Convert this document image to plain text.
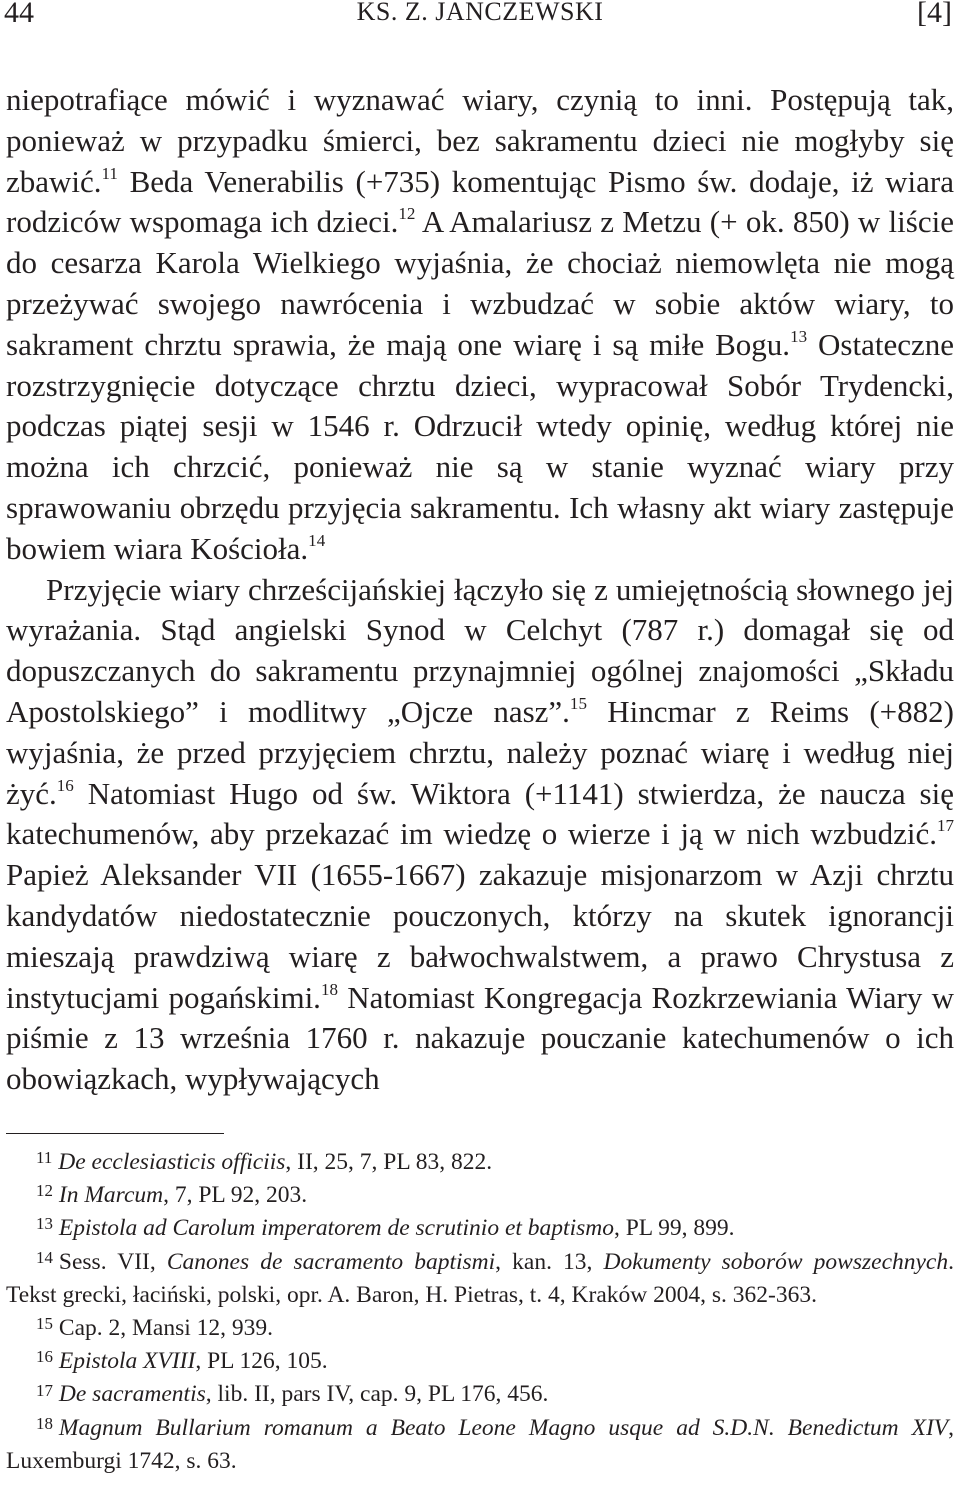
44	KS. Z. JANCZEWSKI	[4]

niepotrafiące mówić i wyznawać wiary, czynią to inni. Postępują tak, ponieważ w przypadku śmierci, bez sakramentu dzieci nie mogłyby się zbawić.$^{11}$ Beda Venerabilis (+735) komentując Pismo św. dodaje, iż wiara rodziców wspomaga ich dzieci.$^{12}$ A Amalariusz z Metzu (+ ok. 850) w liście do cesarza Karola Wielkiego wyjaśnia, że chociaż niemowlęta nie mogą przeżywać swojego nawrócenia i wzbudzać w sobie aktów wiary, to sakrament chrztu sprawia, że mają one wiarę i są miłe Bogu.$^{13}$ Ostateczne rozstrzygnięcie dotyczące chrztu dzieci, wypracował Sobór Trydencki, podczas piątej sesji w 1546 r. Odrzucił wtedy opinię, według której nie można ich chrzcić, ponieważ nie są w stanie wyznać wiary przy sprawowaniu obrzędu przyjęcia sakramentu. Ich własny akt wiary zastępuje bowiem wiara Kościoła.$^{14}$

Przyjęcie wiary chrześcijańskiej łączyło się z umiejętnością słownego jej wyrażania. Stąd angielski Synod w Celchyt (787 r.) domagał się od dopuszczanych do sakramentu przynajmniej ogólnej znajomości „Składu Apostolskiego” i modlitwy „Ojcze nasz”.$^{15}$ Hincmar z Reims (+882) wyjaśnia, że przed przyjęciem chrztu, należy poznać wiarę i według niej żyć.$^{16}$ Natomiast Hugo od św. Wiktora (+1141) stwierdza, że naucza się katechumenów, aby przekazać im wiedzę o wierze i ją w nich wzbudzić.$^{17}$ Papież Aleksander VII (1655-1667) zakazuje misjonarzom w Azji chrztu kandydatów niedostatecznie pouczonych, którzy na skutek ignorancji mieszają prawdziwą wiarę z bałwochwalstwem, a prawo Chrystusa z instytucjami pogańskimi.$^{18}$ Natomiast Kongregacja Rozkrzewiania Wiary w piśmie z 13 września 1760 r. nakazuje pouczanie katechumenów o ich obowiązkach, wypływających

$^{11}$ De ecclesiasticis officiis, II, 25, 7, PL 83, 822.

$^{12}$ In Marcum, 7, PL 92, 203.

$^{13}$ Epistola ad Carolum imperatorem de scrutinio et baptismo, PL 99, 899.

$^{14}$ Sess. VII, Canones de sacramento baptismi, kan. 13, Dokumenty soborów powszechnych. Tekst grecki, łaciński, polski, opr. A. Baron, H. Pietras, t. 4, Kraków 2004, s. 362-363.

$^{15}$ Cap. 2, Mansi 12, 939.

$^{16}$ Epistola XVIII, PL 126, 105.

$^{17}$ De sacramentis, lib. II, pars IV, cap. 9, PL 176, 456.

$^{18}$ Magnum Bullarium romanum a Beato Leone Magno usque ad S.D.N. Benedictum XIV, Luxemburgi 1742, s. 63.
